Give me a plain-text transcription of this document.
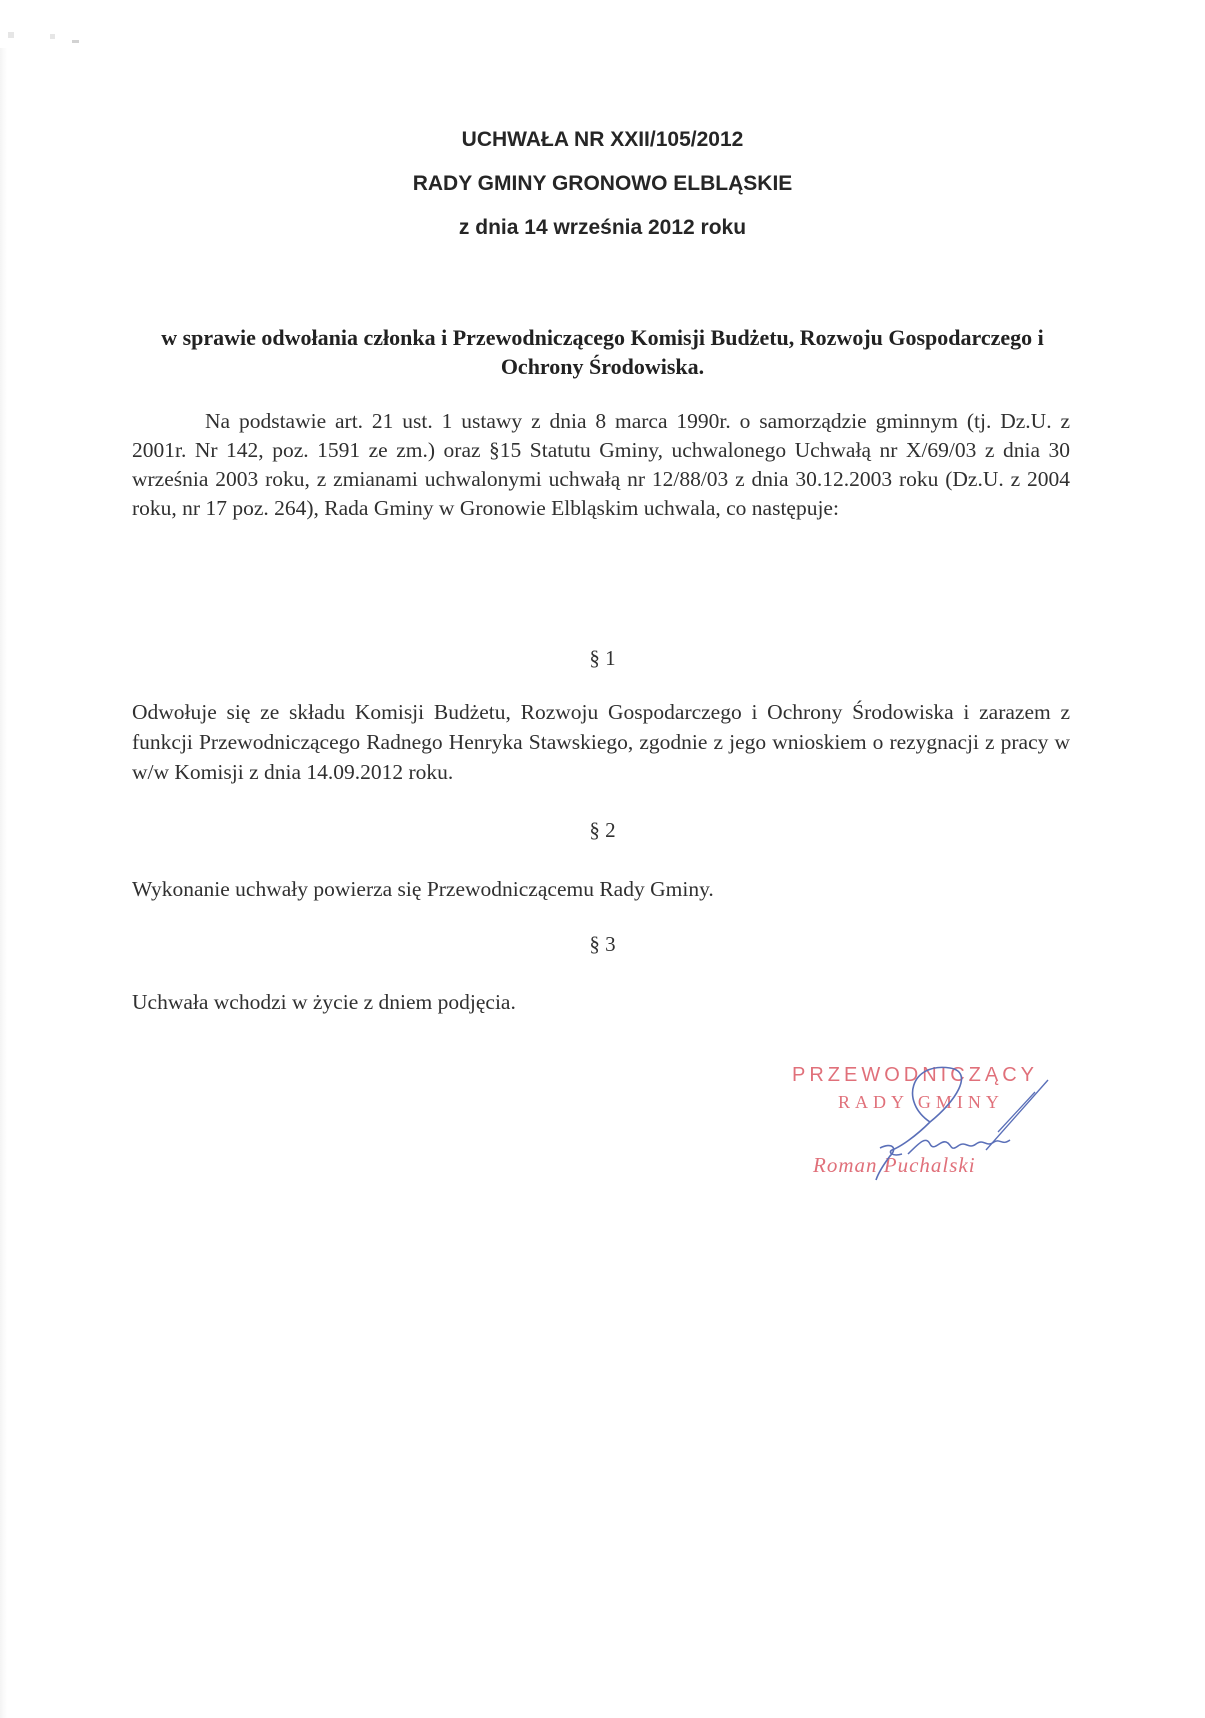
UCHWAŁA NR XXII/105/2012
RADY GMINY GRONOWO ELBLĄSKIE
z dnia 14 września 2012 roku
w sprawie odwołania członka i Przewodniczącego Komisji Budżetu, Rozwoju Gospodarczego i Ochrony Środowiska.
Na podstawie art. 21 ust. 1 ustawy z dnia 8 marca 1990r. o samorządzie gminnym (tj. Dz.U. z 2001r. Nr 142, poz. 1591 ze zm.) oraz §15 Statutu Gminy, uchwalonego Uchwałą nr X/69/03 z dnia 30 września 2003 roku, z zmianami uchwalonymi uchwałą nr 12/88/03 z dnia 30.12.2003 roku (Dz.U. z 2004 roku, nr 17 poz. 264), Rada Gminy w Gronowie Elbląskim uchwala, co następuje:
§ 1
Odwołuje się ze składu Komisji Budżetu, Rozwoju Gospodarczego i Ochrony Środowiska i zarazem z funkcji Przewodniczącego Radnego Henryka Stawskiego, zgodnie z jego wnioskiem o rezygnacji z pracy w w/w Komisji z dnia 14.09.2012 roku.
§ 2
Wykonanie uchwały powierza się Przewodniczącemu Rady Gminy.
§ 3
Uchwała wchodzi w życie z dniem podjęcia.
PRZEWODNICZĄCY
RADY GMINY
Roman Puchalski
